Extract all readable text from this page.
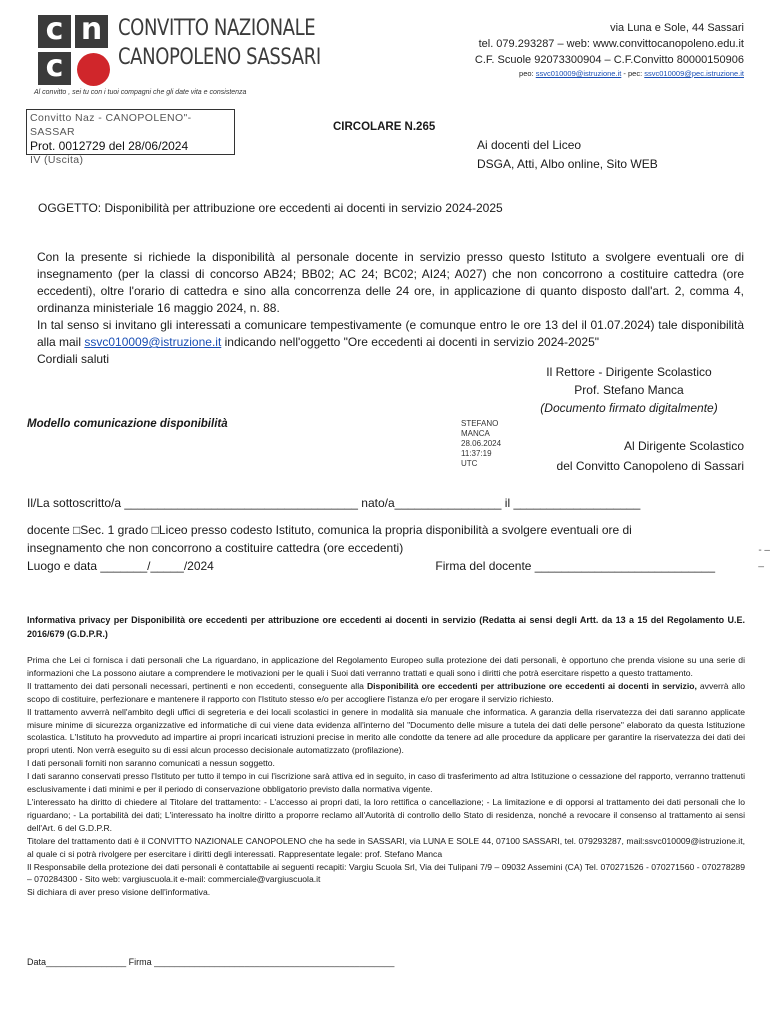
c n
c
CONVITTO NAZIONALE
CANOPOLENO SASSARI
Al convitto , sei tu con i tuoi compagni che gli date vita e consistenza
via Luna e Sole, 44 Sassari
tel. 079.293287 – web: www.convittocanopoleno.edu.it
C.F. Scuole 92073300904 – C.F.Convitto 80000150906
peo: ssvc010009@istruzione.it - pec: ssvc010009@pec.istruzione.it
Convitto Naz - CANOPOLENO"-SASSAR
Prot. 0012729 del 28/06/2024
IV (Uscita)
CIRCOLARE N.265
Ai docenti del Liceo
DSGA, Atti, Albo online, Sito WEB
OGGETTO: Disponibilità per attribuzione ore eccedenti ai docenti in servizio 2024-2025

Con la presente si richiede la disponibilità al personale docente in servizio presso questo Istituto a svolgere eventuali ore di insegnamento (per la classi di concorso AB24; BB02; AC 24; BC02; AI24; A027) che non concorrono a costituire cattedra (ore eccedenti), oltre l'orario di cattedra e sino alla concorrenza delle 24 ore, in applicazione di quanto disposto dall'art. 2, comma 4, ordinanza ministeriale 16 maggio 2024, n. 88.

In tal senso si invitano gli interessati a comunicare tempestivamente (e comunque entro le ore 13 del il 01.07.2024) tale disponibilità alla mail ssvc010009@istruzione.it indicando nell'oggetto "Ore eccedenti ai docenti in servizio 2024-2025"

Cordiali saluti

Il Rettore - Dirigente Scolastico
Prof. Stefano Manca
(Documento firmato digitalmente)
Modello comunicazione disponibilità	STEFANO
MANCA
28.06.2024
11:37:19
UTC
Al Dirigente Scolastico
del Convitto Canopoleno di Sassari
Il/La sottoscritto/a ___________________________________ nato/a________________ il ___________________
docente □Sec. 1 grado □Liceo presso codesto Istituto, comunica la propria disponibilità a svolgere eventuali ore di
insegnamento che non concorrono a costituire cattedra (ore eccedenti)
Luogo e data _______/_____/2024	Firma del docente ___________________________
- –
_
Informativa privacy per Disponibilità ore eccedenti per attribuzione ore eccedenti ai docenti in servizio (Redatta ai sensi degli Artt. da 13 a 15 del Regolamento U.E. 2016/679 (G.D.P.R.)

Prima che Lei ci fornisca i dati personali che La riguardano, in applicazione del Regolamento Europeo sulla protezione dei dati personali, è opportuno che prenda visione su una serie di informazioni che La possono aiutare a comprendere le motivazioni per le quali i Suoi dati verranno trattati e quali sono i diritti che potrà esercitare rispetto a questo trattamento.

Il trattamento dei dati personali necessari, pertinenti e non eccedenti, conseguente alla Disponibilità ore eccedenti per attribuzione ore eccedenti ai docenti in servizio, avverrà allo scopo di costituire, perfezionare e mantenere il rapporto con l'Istituto stesso e/o per accogliere l'istanza e/o per erogare il servizio richiesto.

Il trattamento avverrà nell'ambito degli uffici di segreteria e dei locali scolastici in genere in modalità sia manuale che informatica. A garanzia della riservatezza dei dati saranno applicate misure minime di sicurezza organizzative ed informatiche di cui viene data evidenza all'interno del "Documento delle misure a tutela dei dati delle persone" elaborato da questa Istituzione scolastica. L'Istituto ha provveduto ad impartire ai propri incaricati istruzioni precise in merito alle condotte da tenere ad alle procedure da applicare per garantire la riservatezza dei dati dei propri utenti. Non verrà eseguito su di essi alcun processo decisionale automatizzato (profilazione).

I dati personali forniti non saranno comunicati a nessun soggetto.

I dati saranno conservati presso l'Istituto per tutto il tempo in cui l'iscrizione sarà attiva ed in seguito, in caso di trasferimento ad altra Istituzione o cessazione del rapporto, verranno trattenuti esclusivamente i dati minimi e per il periodo di conservazione obbligatorio previsto dalla normativa vigente.

L'interessato ha diritto di chiedere al Titolare del trattamento: - L'accesso ai propri dati, la loro rettifica o cancellazione; - La limitazione e di opporsi al trattamento dei dati personali che lo riguardano; - La portabilità dei dati; L'interessato ha inoltre diritto a proporre reclamo all'Autorità di controllo dello Stato di residenza, nonché a revocare il consenso al trattamento ai sensi dell'Art. 6 del G.D.P.R.

Titolare del trattamento dati è il CONVITTO NAZIONALE CANOPOLENO che ha sede in SASSARI, via LUNA E SOLE 44, 07100 SASSARI, tel. 079293287, mail:ssvc010009@istruzione.it, al quale ci si potrà rivolgere per esercitare i diritti degli interessati. Rappresentate legale: prof. Stefano Manca

Il Responsabile della protezione dei dati personali è contattabile ai seguenti recapiti: Vargiu Scuola Srl, Via dei Tulipani 7/9 – 09032 Assemini (CA) Tel. 070271526 - 070271560 - 070278289 – 070284300 - Sito web: vargiuscuola.it e-mail: commerciale@vargiuscuola.it

Si dichiara di aver preso visione dell'informativa.

Data________________ Firma ________________________________________________
